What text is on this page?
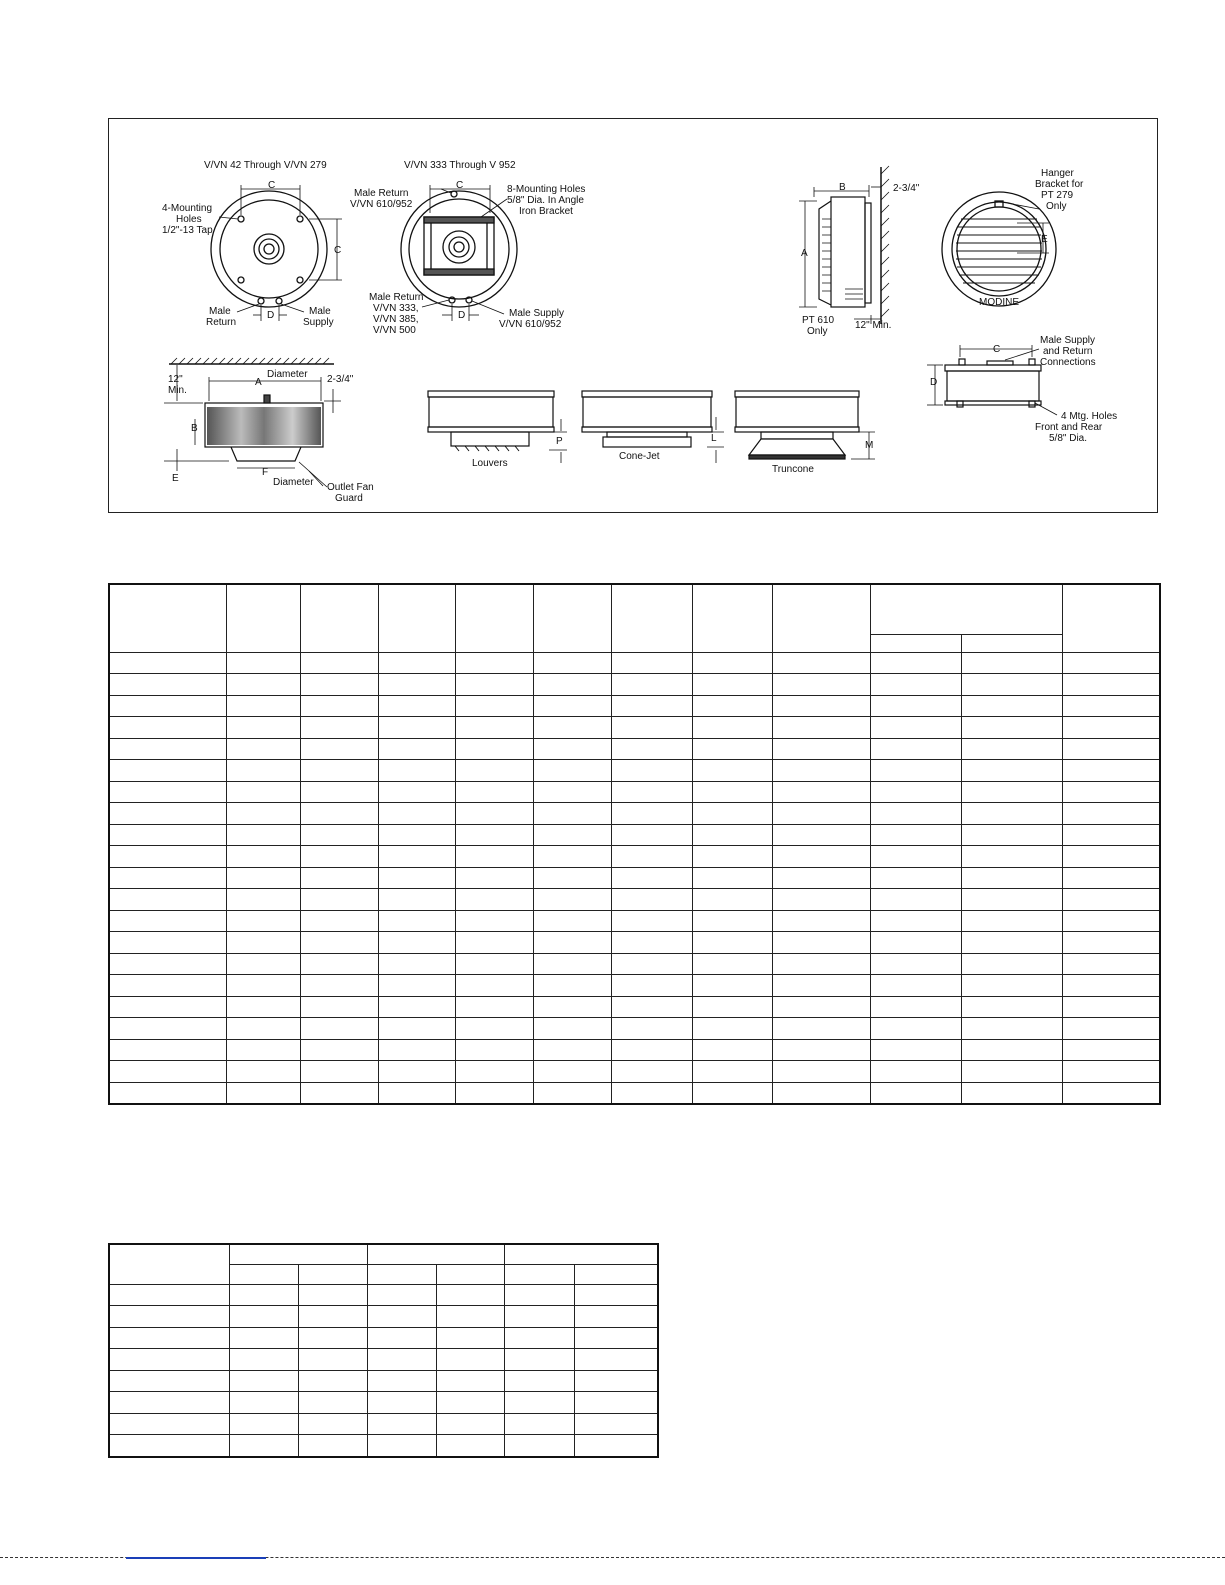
V/VN 42 Through V/VN 279
C
C
D
4-Mounting
Holes
1/2"-13 Tap
Male
Return
Male
Supply
V/VN 333 Through V 952
C
D
Male Return
V/VN 610/952
8-Mounting Holes
5/8" Dia. In Angle
Iron Bracket
Male Return
V/VN 333,
V/VN 385,
V/VN 500
Male Supply
V/VN 610/952
B
A
2-3/4"
PT 610
Only
12" Min.
E
MODINE
Hanger
Bracket for
PT 279
Only
Diameter
A
12"
Min.
2-3/4"
B
F
E	Diameter Outlet Fan
Guard
P
Louvers
L
Cone-Jet
M
Truncone
C
D
Male Supply
and Return
Connections
4 Mtg. Holes
Front and Rear
5/8" Dia.
